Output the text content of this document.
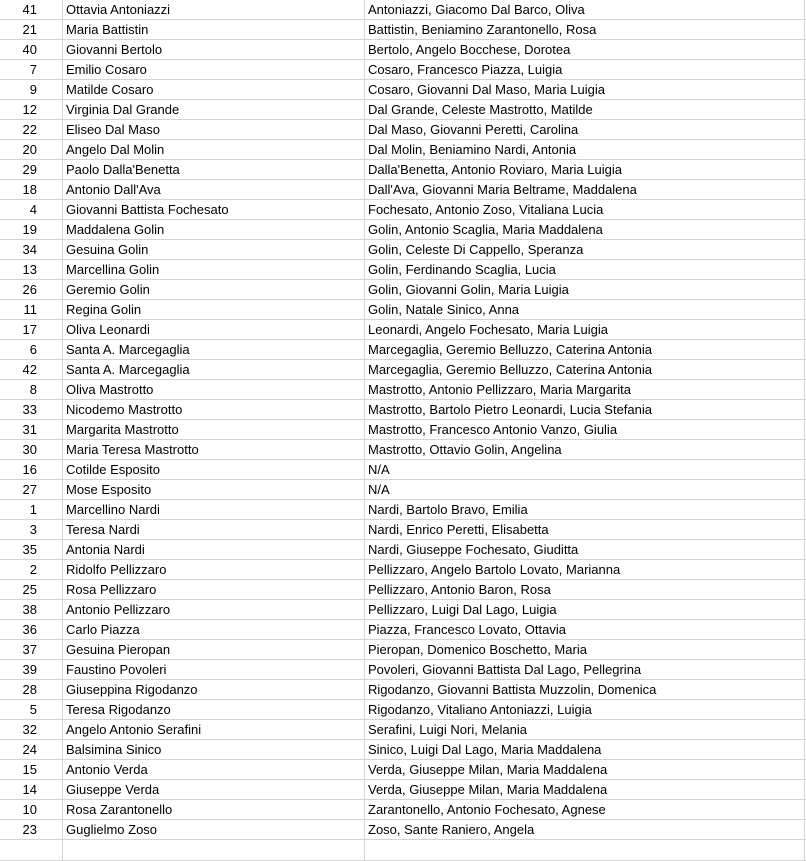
41	Ottavia Antoniazzi	Antoniazzi, Giacomo Dal Barco, Oliva
21	Maria Battistin	Battistin, Beniamino Zarantonello, Rosa
40	Giovanni Bertolo	Bertolo, Angelo Bocchese, Dorotea
7	Emilio Cosaro	Cosaro, Francesco Piazza, Luigia
9	Matilde Cosaro	Cosaro, Giovanni Dal Maso, Maria Luigia
12	Virginia Dal Grande	Dal Grande, Celeste Mastrotto, Matilde
22	Eliseo Dal Maso	Dal Maso, Giovanni Peretti, Carolina
20	Angelo Dal Molin	Dal Molin, Beniamino Nardi, Antonia
29	Paolo Dalla'Benetta	Dalla'Benetta, Antonio Roviaro, Maria Luigia
18	Antonio Dall'Ava	Dall'Ava, Giovanni Maria Beltrame, Maddalena
4	Giovanni Battista Fochesato	Fochesato, Antonio Zoso, Vitaliana Lucia
19	Maddalena Golin	Golin, Antonio Scaglia, Maria Maddalena
34	Gesuina Golin	Golin, Celeste Di Cappello, Speranza
13	Marcellina Golin	Golin, Ferdinando Scaglia, Lucia
26	Geremio Golin	Golin, Giovanni Golin, Maria Luigia
11	Regina Golin	Golin, Natale Sinico, Anna
17	Oliva Leonardi	Leonardi, Angelo Fochesato, Maria Luigia
6	Santa A. Marcegaglia	Marcegaglia, Geremio Belluzzo, Caterina Antonia
42	Santa A. Marcegaglia	Marcegaglia, Geremio Belluzzo, Caterina Antonia
8	Oliva Mastrotto	Mastrotto, Antonio Pellizzaro, Maria Margarita
33	Nicodemo Mastrotto	Mastrotto, Bartolo Pietro Leonardi, Lucia Stefania
31	Margarita Mastrotto	Mastrotto, Francesco Antonio Vanzo, Giulia
30	Maria Teresa Mastrotto	Mastrotto, Ottavio Golin, Angelina
16	Cotilde Esposito	N/A
27	Mose Esposito	N/A
1	Marcellino Nardi	Nardi, Bartolo Bravo, Emilia
3	Teresa Nardi	Nardi, Enrico Peretti, Elisabetta
35	Antonia Nardi	Nardi, Giuseppe Fochesato, Giuditta
2	Ridolfo Pellizzaro	Pellizzaro, Angelo Bartolo Lovato, Marianna
25	Rosa Pellizzaro	Pellizzaro, Antonio Baron, Rosa
38	Antonio Pellizzaro	Pellizzaro, Luigi Dal Lago, Luigia
36	Carlo Piazza	Piazza, Francesco Lovato, Ottavia
37	Gesuina Pieropan	Pieropan, Domenico Boschetto, Maria
39	Faustino Povoleri	Povoleri, Giovanni Battista Dal Lago, Pellegrina
28	Giuseppina Rigodanzo	Rigodanzo, Giovanni Battista Muzzolin, Domenica
5	Teresa Rigodanzo	Rigodanzo, Vitaliano Antoniazzi, Luigia
32	Angelo Antonio Serafini	Serafini, Luigi Nori, Melania
24	Balsimina Sinico	Sinico, Luigi Dal Lago, Maria Maddalena
15	Antonio Verda	Verda, Giuseppe Milan, Maria Maddalena
14	Giuseppe Verda	Verda, Giuseppe Milan, Maria Maddalena
10	Rosa Zarantonello	Zarantonello, Antonio Fochesato, Agnese
23	Guglielmo Zoso	Zoso, Sante Raniero, Angela
